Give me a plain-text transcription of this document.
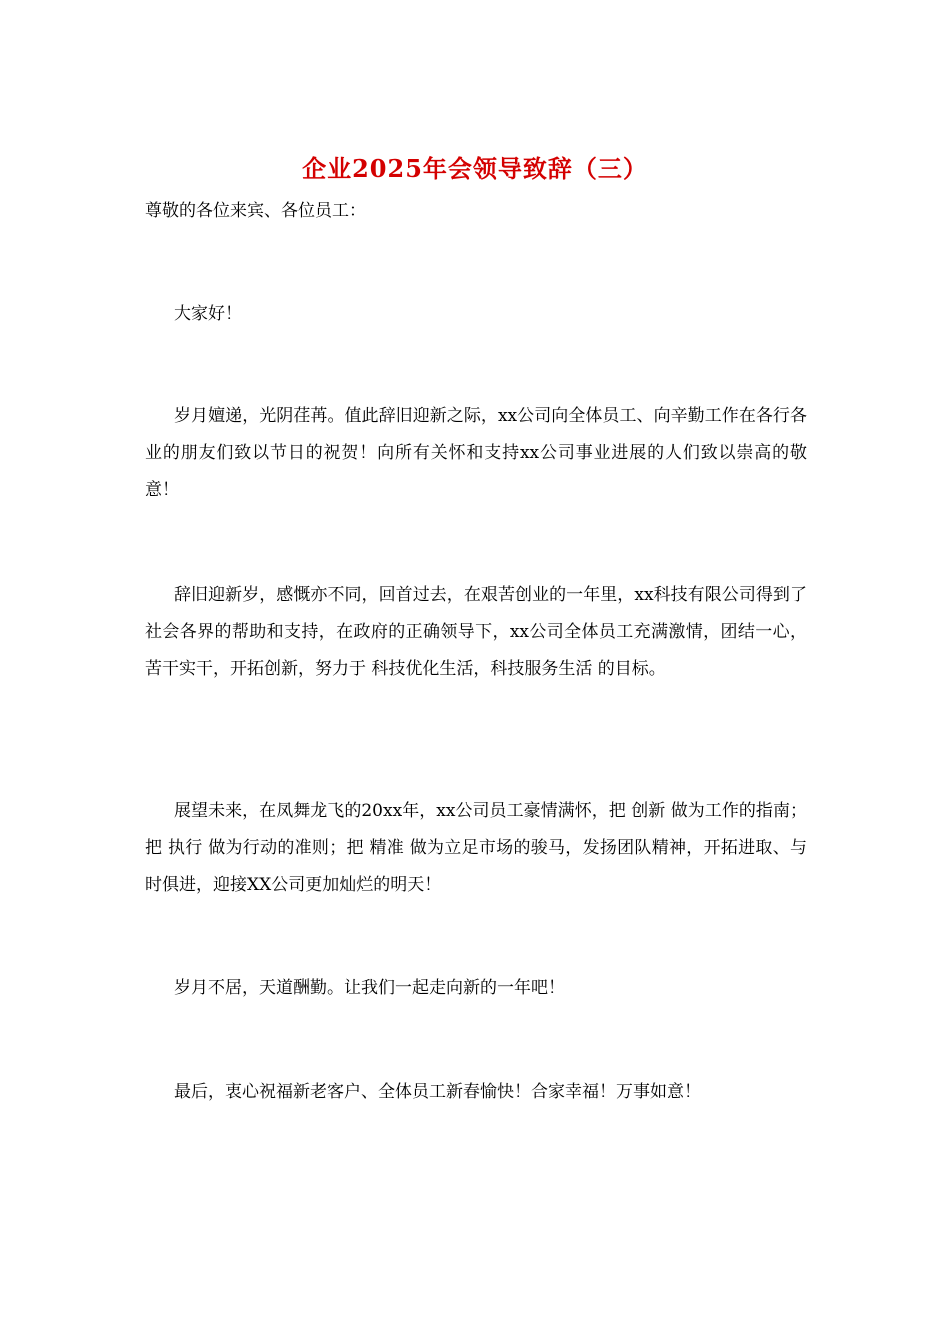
企业2025年会领导致辞（三）

尊敬的各位来宾、各位员工：

大家好！

岁月嬗递，光阴荏苒。值此辞旧迎新之际，xx公司向全体员工、向辛勤工作在各行各业的朋友们致以节日的祝贺！向所有关怀和支持xx公司事业进展的人们致以崇高的敬意！

辞旧迎新岁，感慨亦不同，回首过去，在艰苦创业的一年里，xx科技有限公司得到了社会各界的帮助和支持，在政府的正确领导下，xx公司全体员工充满激情，团结一心，苦干实干，开拓创新，努力于 科技优化生活，科技服务生活 的目标。

展望未来，在凤舞龙飞的20xx年，xx公司员工豪情满怀，把 创新 做为工作的指南；把 执行 做为行动的准则；把 精准 做为立足市场的骏马，发扬团队精神，开拓进取、与时俱进，迎接XX公司更加灿烂的明天！

岁月不居，天道酬勤。让我们一起走向新的一年吧！

最后，衷心祝福新老客户、全体员工新春愉快！合家幸福！万事如意！
